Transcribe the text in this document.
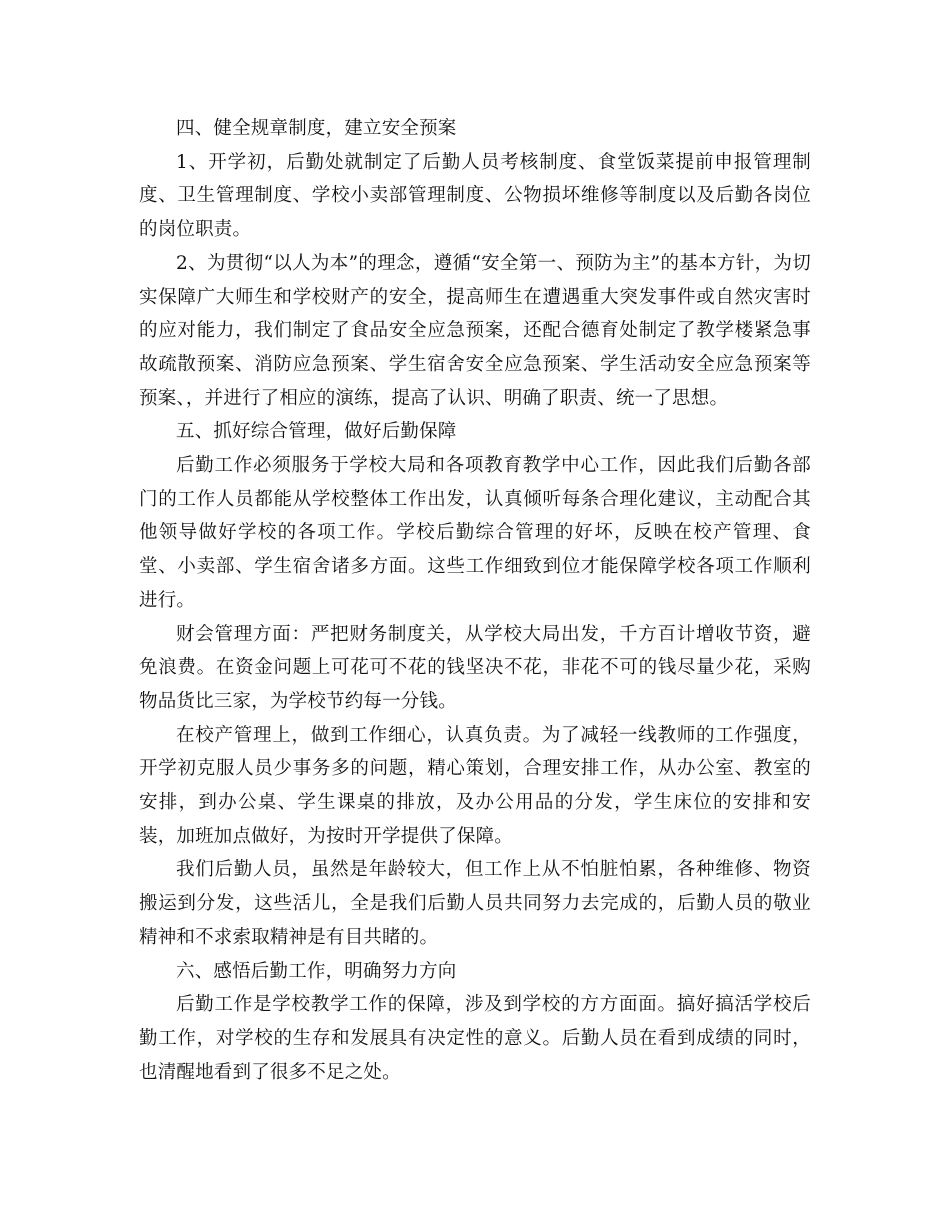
四、健全规章制度，建立安全预案

1、开学初，后勤处就制定了后勤人员考核制度、食堂饭菜提前申报管理制度、卫生管理制度、学校小卖部管理制度、公物损坏维修等制度以及后勤各岗位的岗位职责。

2、为贯彻“以人为本”的理念，遵循“安全第一、预防为主”的基本方针，为切实保障广大师生和学校财产的安全，提高师生在遭遇重大突发事件或自然灾害时的应对能力，我们制定了食品安全应急预案，还配合德育处制定了教学楼紧急事故疏散预案、消防应急预案、学生宿舍安全应急预案、学生活动安全应急预案等预案、，并进行了相应的演练，提高了认识、明确了职责、统一了思想。

五、抓好综合管理，做好后勤保障

后勤工作必须服务于学校大局和各项教育教学中心工作，因此我们后勤各部门的工作人员都能从学校整体工作出发，认真倾听每条合理化建议，主动配合其他领导做好学校的各项工作。学校后勤综合管理的好坏，反映在校产管理、食堂、小卖部、学生宿舍诸多方面。这些工作细致到位才能保障学校各项工作顺利进行。

财会管理方面：严把财务制度关，从学校大局出发，千方百计增收节资，避免浪费。在资金问题上可花可不花的钱坚决不花，非花不可的钱尽量少花，采购物品货比三家，为学校节约每一分钱。

在校产管理上，做到工作细心，认真负责。为了减轻一线教师的工作强度，开学初克服人员少事务多的问题，精心策划，合理安排工作，从办公室、教室的安排，到办公桌、学生课桌的排放，及办公用品的分发，学生床位的安排和安装，加班加点做好，为按时开学提供了保障。

我们后勤人员，虽然是年龄较大，但工作上从不怕脏怕累，各种维修、物资搬运到分发，这些活儿，全是我们后勤人员共同努力去完成的，后勤人员的敬业精神和不求索取精神是有目共睹的。

六、感悟后勤工作，明确努力方向

后勤工作是学校教学工作的保障，涉及到学校的方方面面。搞好搞活学校后勤工作，对学校的生存和发展具有决定性的意义。后勤人员在看到成绩的同时，也清醒地看到了很多不足之处。
